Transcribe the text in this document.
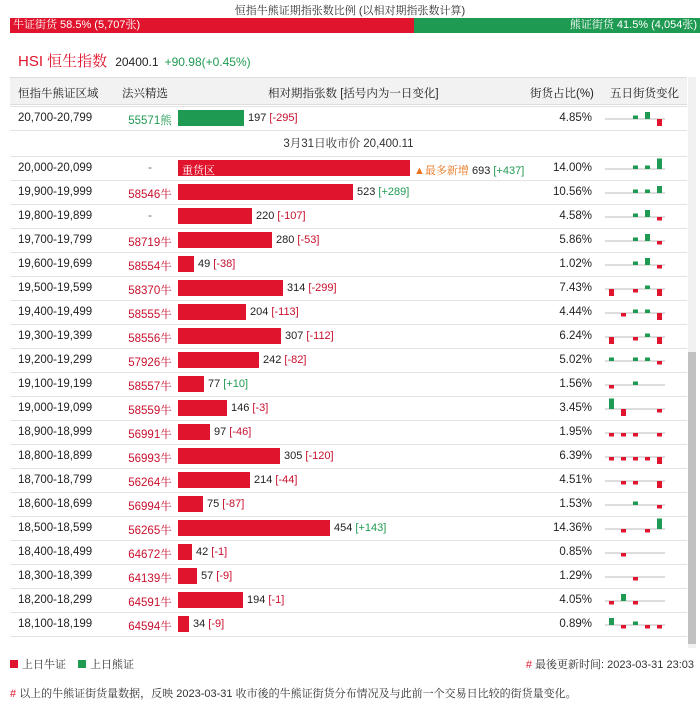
恒指牛熊证期指张数比例 (以相对期指张数计算)
牛证街货 58.5% (5,707张)	熊证街货 41.5% (4,054张)
HSI 恒生指数 20400.1 +90.98(+0.45%)
恒指牛熊证区域 法兴精选	相对期指张数 [括号内为一日变化]	街货占比(%) 五日街货变化
20,700-20,799	55571熊	197 [-295]	4.85%
3月31日收市价 20,400.11
20,000-20,099	-	重货区	▲最多新增 693 [+437]	14.00%
19,900-19,999	58546牛	523 [+289]	10.56%
19,800-19,899	-	220 [-107]	4.58%
19,700-19,799	58719牛	280 [-53]	5.86%
19,600-19,699	58554牛	49 [-38]	1.02%
19,500-19,599	58370牛	314 [-299]	7.43%
19,400-19,499	58555牛	204 [-113]	4.44%
19,300-19,399	58556牛	307 [-112]	6.24%
19,200-19,299	57926牛	242 [-82]	5.02%
19,100-19,199	58557牛	77 [+10]	1.56%
19,000-19,099	58559牛	146 [-3]	3.45%
18,900-18,999	56991牛	97 [-46]	1.95%
18,800-18,899	56993牛	305 [-120]	6.39%
18,700-18,799	56264牛	214 [-44]	4.51%
18,600-18,699	56994牛	75 [-87]	1.53%
18,500-18,599	56265牛	454 [+143]	14.36%
18,400-18,499	64672牛	42 [-1]	0.85%
18,300-18,399	64139牛	57 [-9]	1.29%
18,200-18,299	64591牛	194 [-1]	4.05%
18,100-18,199	64594牛	34 [-9]	0.89%
上日牛证 上日熊证	# 最後更新时间: 2023-03-31 23:03
# 以上的牛熊证街货量数据，反映 2023-03-31 收市後的牛熊证街货分布情况及与此前一个交易日比较的街货量变化。
